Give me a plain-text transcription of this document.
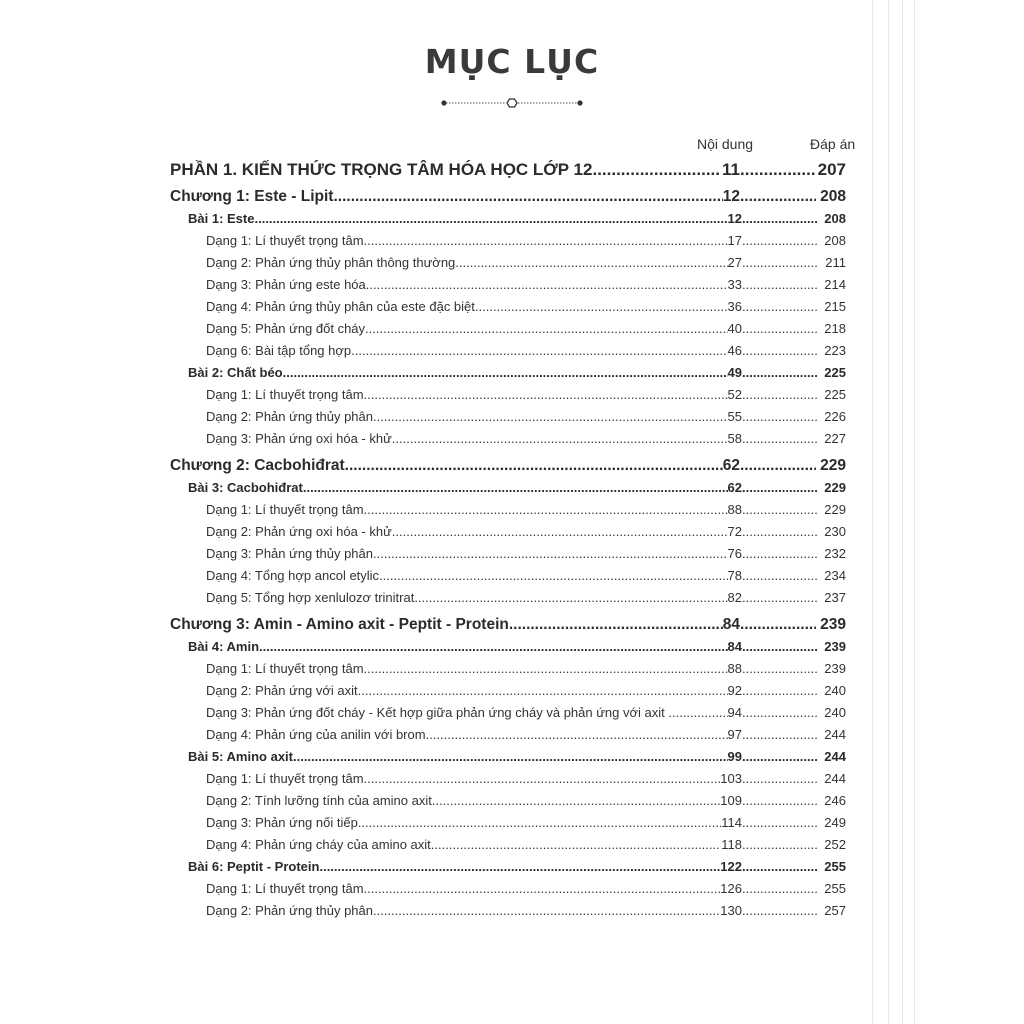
MỤC LỤC
Nội dung	Đáp án
PHẦN 1. KIẾN THỨC TRỌNG TÂM HÓA HỌC LỚP 12 .....	11 .....	207
Chương 1: Este - Lipit .....	12 .....	208
Bài 1: Este .....	12 .....	208
Dạng 1: Lí thuyết trọng tâm .....	17 .....	208
Dạng 2: Phản ứng thủy phân thông thường .....	27 .....	211
Dạng 3: Phản ứng este hóa .....	33 .....	214
Dạng 4: Phản ứng thủy phân của este đặc biệt .....	36 .....	215
Dạng 5: Phản ứng đốt cháy .....	40 .....	218
Dạng 6: Bài tập tổng hợp .....	46 .....	223
Bài 2: Chất béo .....	49 .....	225
Dạng 1: Lí thuyết trọng tâm .....	52 .....	225
Dạng 2: Phản ứng thủy phân .....	55 .....	226
Dạng 3: Phản ứng oxi hóa - khử .....	58 .....	227
Chương 2: Cacbohiđrat .....	62 .....	229
Bài 3: Cacbohiđrat. .....	62 .....	229
Dạng 1: Lí thuyết trọng tâm .....	88 .....	229
Dạng 2: Phản ứng oxi hóa - khử .....	72 .....	230
Dạng 3: Phản ứng thủy phân .....	76 .....	232
Dạng 4: Tổng hợp ancol etylic .....	78 .....	234
Dạng 5: Tổng hợp xenlulozơ trinitrat .....	82 .....	237
Chương 3: Amin - Amino axit - Peptit - Protein .....	84 .....	239
Bài 4: Amin.. .....	84 .....	239
Dạng 1: Lí thuyết trọng tâm .....	88 .....	239
Dạng 2: Phản ứng với axit .....	92 .....	240
Dạng 3: Phản ứng đốt cháy - Kết hợp giữa phản ứng cháy và phản ứng với axit .. .....	94 .....	240
Dạng 4: Phản ứng của anilin với brom .....	97 .....	244
Bài 5: Amino axit .....	99 .....	244
Dạng 1: Lí thuyết trọng tâm .....	103 .....	244
Dạng 2: Tính lưỡng tính của amino axit .....	109 .....	246
Dạng 3: Phản ứng nối tiếp .....	114 .....	249
Dạng 4: Phản ứng cháy của amino axit .....	118 .....	252
Bài 6: Peptit - Protein. .....	122 .....	255
Dạng 1: Lí thuyết trọng tâm .....	126 .....	255
Dạng 2: Phản ứng thủy phân .....	130 .....	257
